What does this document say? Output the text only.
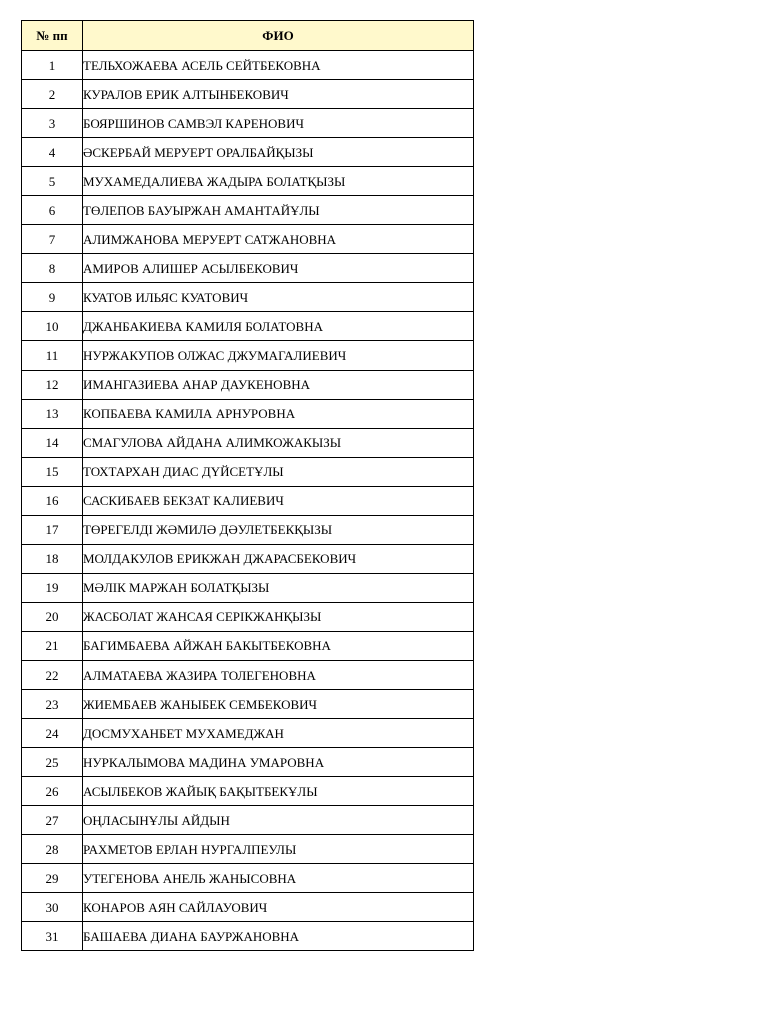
№ пп	ФИО
1	ТЕЛЬХОЖАЕВА АСЕЛЬ СЕЙТБЕКОВНА
2	КУРАЛОВ ЕРИК АЛТЫНБЕКОВИЧ
3	БОЯРШИНОВ САМВЭЛ КАРЕНОВИЧ
4	ӘСКЕРБАЙ МЕРУЕРТ ОРАЛБАЙҚЫЗЫ
5	МУХАМЕДАЛИЕВА ЖАДЫРА БОЛАТҚЫЗЫ
6	ТӨЛЕПОВ БАУЫРЖАН АМАНТАЙҰЛЫ
7	АЛИМЖАНОВА МЕРУЕРТ САТЖАНОВНА
8	АМИРОВ АЛИШЕР АСЫЛБЕКОВИЧ
9	КУАТОВ ИЛЬЯС КУАТОВИЧ
10	ДЖАНБАКИЕВА КАМИЛЯ БОЛАТОВНА
11	НУРЖАКУПОВ ОЛЖАС ДЖУМАГАЛИЕВИЧ
12	ИМАНГАЗИЕВА АНАР ДАУКЕНОВНА
13	КОПБАЕВА КАМИЛА АРНУРОВНА
14	СМАГУЛОВА АЙДАНА АЛИМКОЖАКЫЗЫ
15	ТОХТАРХАН ДИАС ДҮЙСЕТҰЛЫ
16	САСКИБАЕВ БЕКЗАТ КАЛИЕВИЧ
17	ТӨРЕГЕЛДІ ЖӘМИЛӘ ДӘУЛЕТБЕКҚЫЗЫ
18	МОЛДАКУЛОВ ЕРИКЖАН ДЖАРАСБЕКОВИЧ
19	МӘЛІК МАРЖАН БОЛАТҚЫЗЫ
20	ЖАСБОЛАТ ЖАНСАЯ СЕРІКЖАНҚЫЗЫ
21	БАГИМБАЕВА АЙЖАН БАКЫТБЕКОВНА
22	АЛМАТАЕВА ЖАЗИРА ТОЛЕГЕНОВНА
23	ЖИЕМБАЕВ ЖАНЫБЕК СЕМБЕКОВИЧ
24	ДОСМУХАНБЕТ МУХАМЕДЖАН
25	НУРКАЛЫМОВА МАДИНА УМАРОВНА
26	АСЫЛБЕКОВ ЖАЙЫҚ БАҚЫТБЕКҰЛЫ
27	ОҢЛАСЫНҰЛЫ АЙДЫН
28	РАХМЕТОВ ЕРЛАН НУРГАЛПЕУЛЫ
29	УТЕГЕНОВА АНЕЛЬ ЖАНЫСОВНА
30	КОНАРОВ АЯН САЙЛАУОВИЧ
31	БАШАЕВА ДИАНА БАУРЖАНОВНА
